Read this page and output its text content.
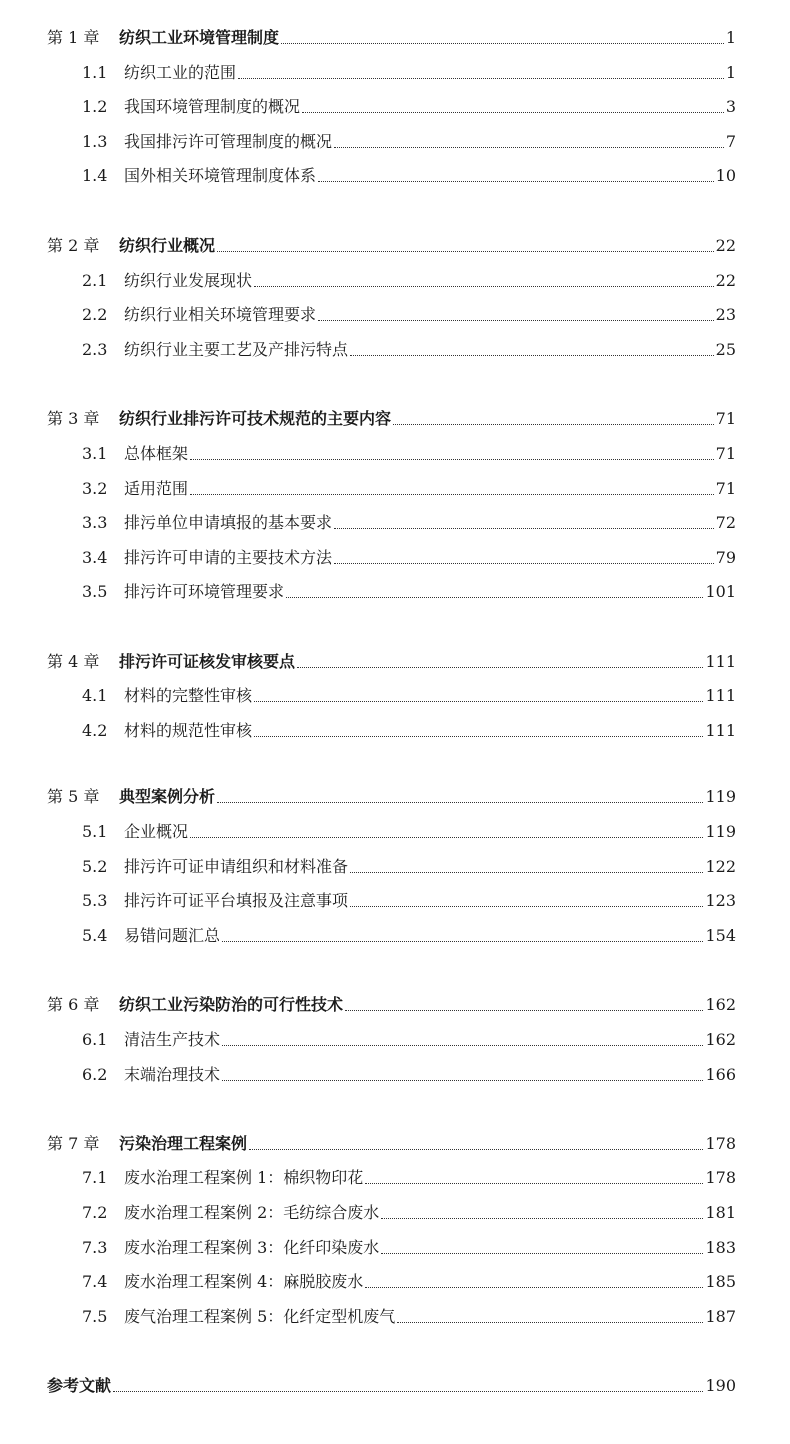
第 1 章	纺织工业环境管理制度	1
1.1	纺织工业的范围	1
1.2	我国环境管理制度的概况	3
1.3	我国排污许可管理制度的概况	7
1.4	国外相关环境管理制度体系	10
第 2 章	纺织行业概况	22
2.1	纺织行业发展现状	22
2.2	纺织行业相关环境管理要求	23
2.3	纺织行业主要工艺及产排污特点	25
第 3 章	纺织行业排污许可技术规范的主要内容	71
3.1	总体框架	71
3.2	适用范围	71
3.3	排污单位申请填报的基本要求	72
3.4	排污许可申请的主要技术方法	79
3.5	排污许可环境管理要求	101
第 4 章	排污许可证核发审核要点	111
4.1	材料的完整性审核	111
4.2	材料的规范性审核	111
第 5 章	典型案例分析	119
5.1	企业概况	119
5.2	排污许可证申请组织和材料准备	122
5.3	排污许可证平台填报及注意事项	123
5.4	易错问题汇总	154
第 6 章	纺织工业污染防治的可行性技术	162
6.1	清洁生产技术	162
6.2	末端治理技术	166
第 7 章	污染治理工程案例	178
7.1	废水治理工程案例 1：棉织物印花	178
7.2	废水治理工程案例 2：毛纺综合废水	181
7.3	废水治理工程案例 3：化纤印染废水	183
7.4	废水治理工程案例 4：麻脱胶废水	185
7.5	废气治理工程案例 5：化纤定型机废气	187
参考文献	190
